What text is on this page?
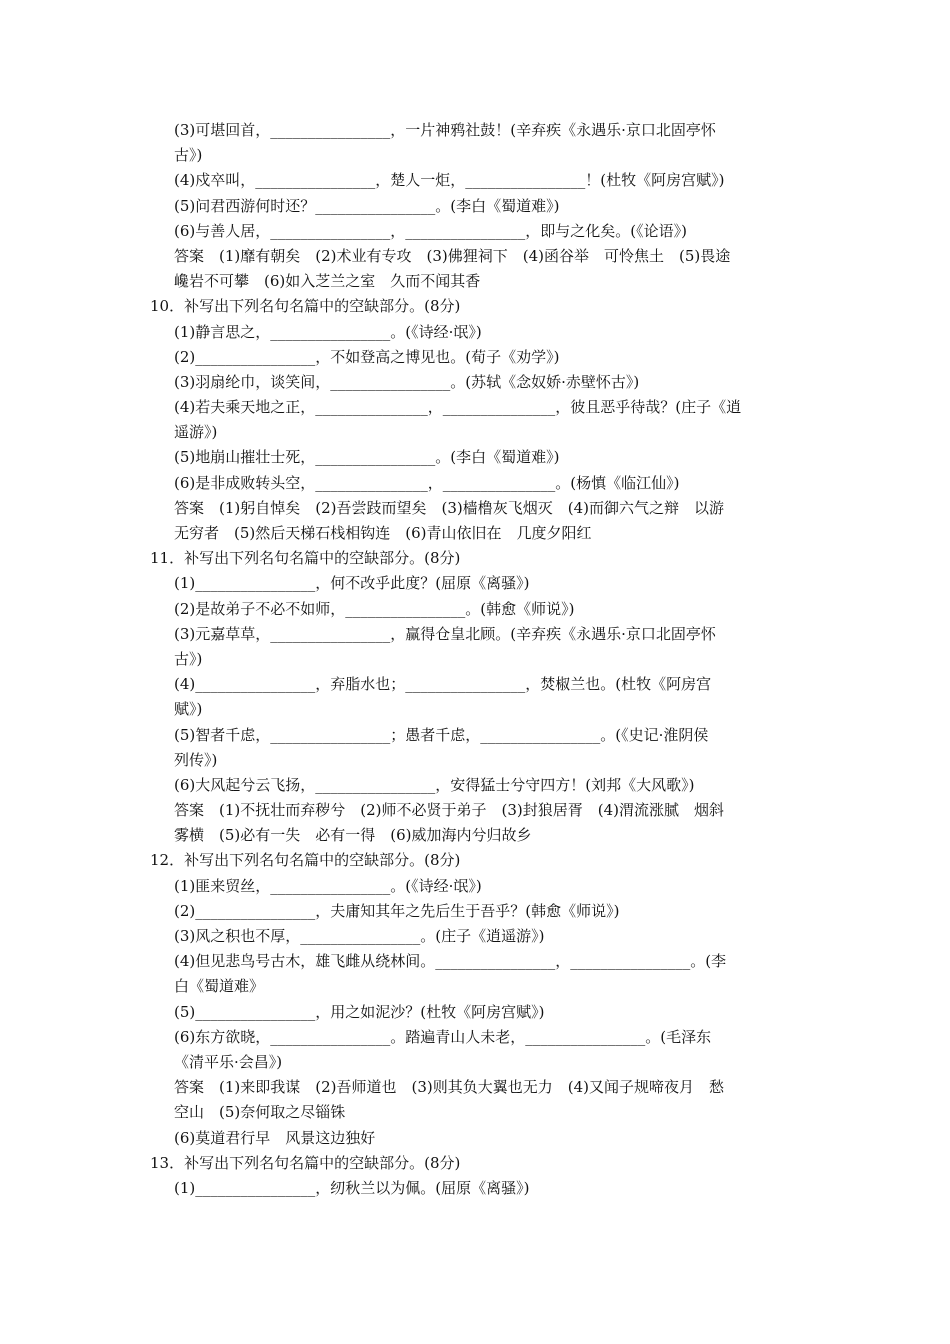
(3)可堪回首，________________，一片神鸦社鼓！(辛弃疾《永遇乐·京口北固亭怀
古》)
(4)戍卒叫，________________，楚人一炬，________________！(杜牧《阿房宫赋》)
(5)问君西游何时还？________________。(李白《蜀道难》)
(6)与善人居，________________，________________，即与之化矣。(《论语》)
答案　(1)靡有朝矣　(2)术业有专攻　(3)佛狸祠下　(4)函谷举　可怜焦土　(5)畏途
巉岩不可攀　(6)如入芝兰之室　久而不闻其香
10．补写出下列名句名篇中的空缺部分。(8分)
(1)静言思之，________________。(《诗经·氓》)
(2)________________，不如登高之博见也。(荀子《劝学》)
(3)羽扇纶巾，谈笑间，________________。(苏轼《念奴娇·赤壁怀古》)
(4)若夫乘天地之正，_______________，_______________，彼且恶乎待哉？(庄子《逍
遥游》)
(5)地崩山摧壮士死，________________。(李白《蜀道难》)
(6)是非成败转头空，_______________，_______________。(杨慎《临江仙》)
答案　(1)躬自悼矣　(2)吾尝跂而望矣　(3)樯橹灰飞烟灭　(4)而御六气之辩　以游
无穷者　(5)然后天梯石栈相钩连　(6)青山依旧在　几度夕阳红
11．补写出下列名句名篇中的空缺部分。(8分)
(1)________________，何不改乎此度？(屈原《离骚》)
(2)是故弟子不必不如师，________________。(韩愈《师说》)
(3)元嘉草草，________________，赢得仓皇北顾。(辛弃疾《永遇乐·京口北固亭怀
古》)
(4)________________，弃脂水也；________________，焚椒兰也。(杜牧《阿房宫
赋》)
(5)智者千虑，________________；愚者千虑，________________。(《史记·淮阴侯
列传》)
(6)大风起兮云飞扬，________________，安得猛士兮守四方！(刘邦《大风歌》)
答案　(1)不抚壮而弃秽兮　(2)师不必贤于弟子　(3)封狼居胥　(4)渭流涨腻　烟斜
雾横　(5)必有一失　必有一得　(6)威加海内兮归故乡
12．补写出下列名句名篇中的空缺部分。(8分)
(1)匪来贸丝，________________。(《诗经·氓》)
(2)________________，夫庸知其年之先后生于吾乎？(韩愈《师说》)
(3)风之积也不厚，________________。(庄子《逍遥游》)
(4)但见悲鸟号古木，雄飞雌从绕林间。________________，________________。(李
白《蜀道难》
(5)________________，用之如泥沙？(杜牧《阿房宫赋》)
(6)东方欲晓，________________。踏遍青山人未老，________________。(毛泽东
《清平乐·会昌》)
答案　(1)来即我谋　(2)吾师道也　(3)则其负大翼也无力　(4)又闻子规啼夜月　愁
空山　(5)奈何取之尽锱铢
(6)莫道君行早　风景这边独好
13．补写出下列名句名篇中的空缺部分。(8分)
(1)________________，纫秋兰以为佩。(屈原《离骚》)
